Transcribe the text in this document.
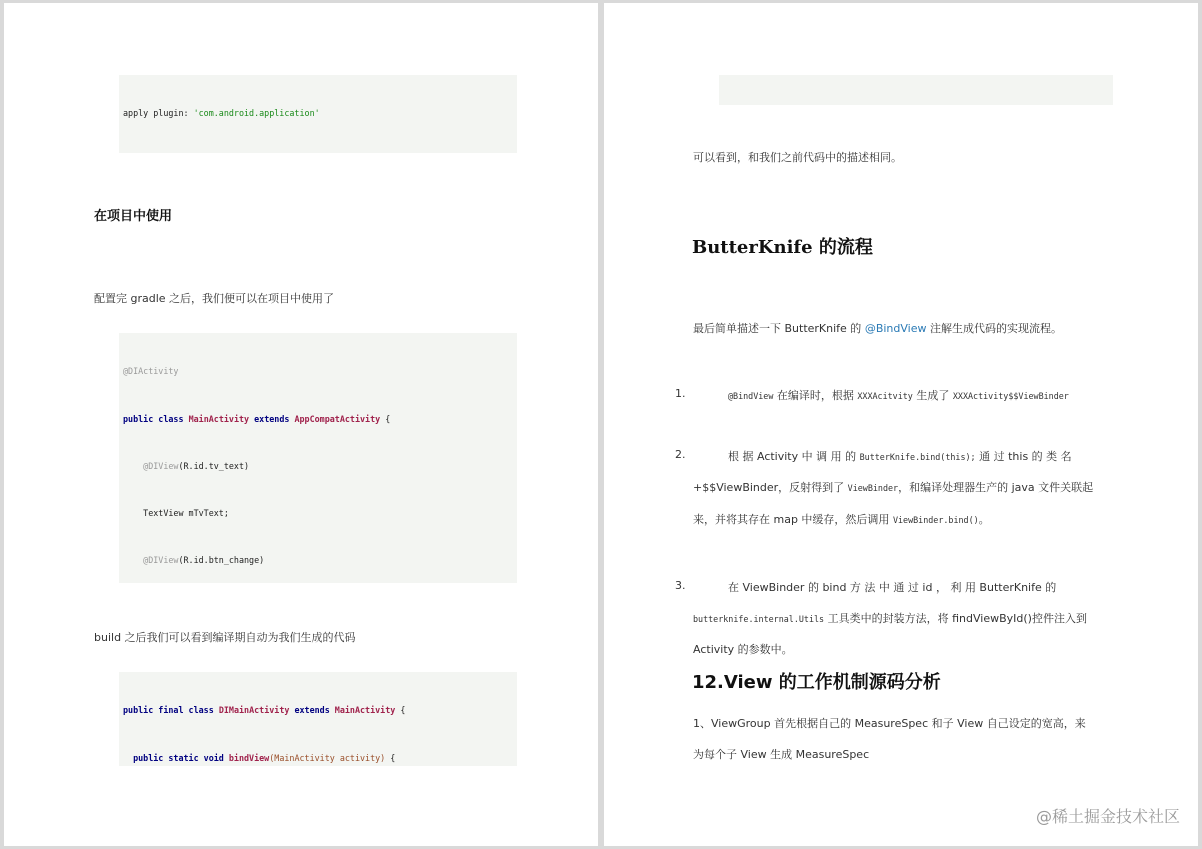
apply plugin: 'com.android.application'

在项目中使用
配置完 gradle 之后，我们便可以在项目中使用了

@DIActivity

public class MainActivity extends AppCompatActivity {

@DIView(R.id.tv_text)

TextView mTvText;

@DIView(R.id.btn_change)

build 之后我们可以看到编译期自动为我们生成的代码

public final class DIMainActivity extends MainActivity {

public static void bindView(MainActivity activity) {

可以看到，和我们之前代码中的描述相同。
ButterKnife 的流程
最后简单描述一下 ButterKnife 的 @BindView 注解生成代码的实现流程。
1.	@BindView 在编译时，根据 XXXAcitvity 生成了 XXXActivity$$ViewBinder
2.	根 据 Activity 中 调 用 的 ButterKnife.bind(this); 通 过 this 的 类 名
+$$ViewBinder，反射得到了 ViewBinder，和编译处理器生产的 java 文件关联起
来，并将其存在 map 中缓存，然后调用 ViewBinder.bind()。
3.	在 ViewBinder 的 bind 方 法 中 通 过 id ， 利 用 ButterKnife 的
butterknife.internal.Utils 工具类中的封装方法，将 findViewById()控件注入到
Activity 的参数中。
12.View 的工作机制源码分析
1、ViewGroup 首先根据自己的 MeasureSpec 和子 View 自己设定的宽高，来
为每个子 View 生成 MeasureSpec
@稀土掘金技术社区
